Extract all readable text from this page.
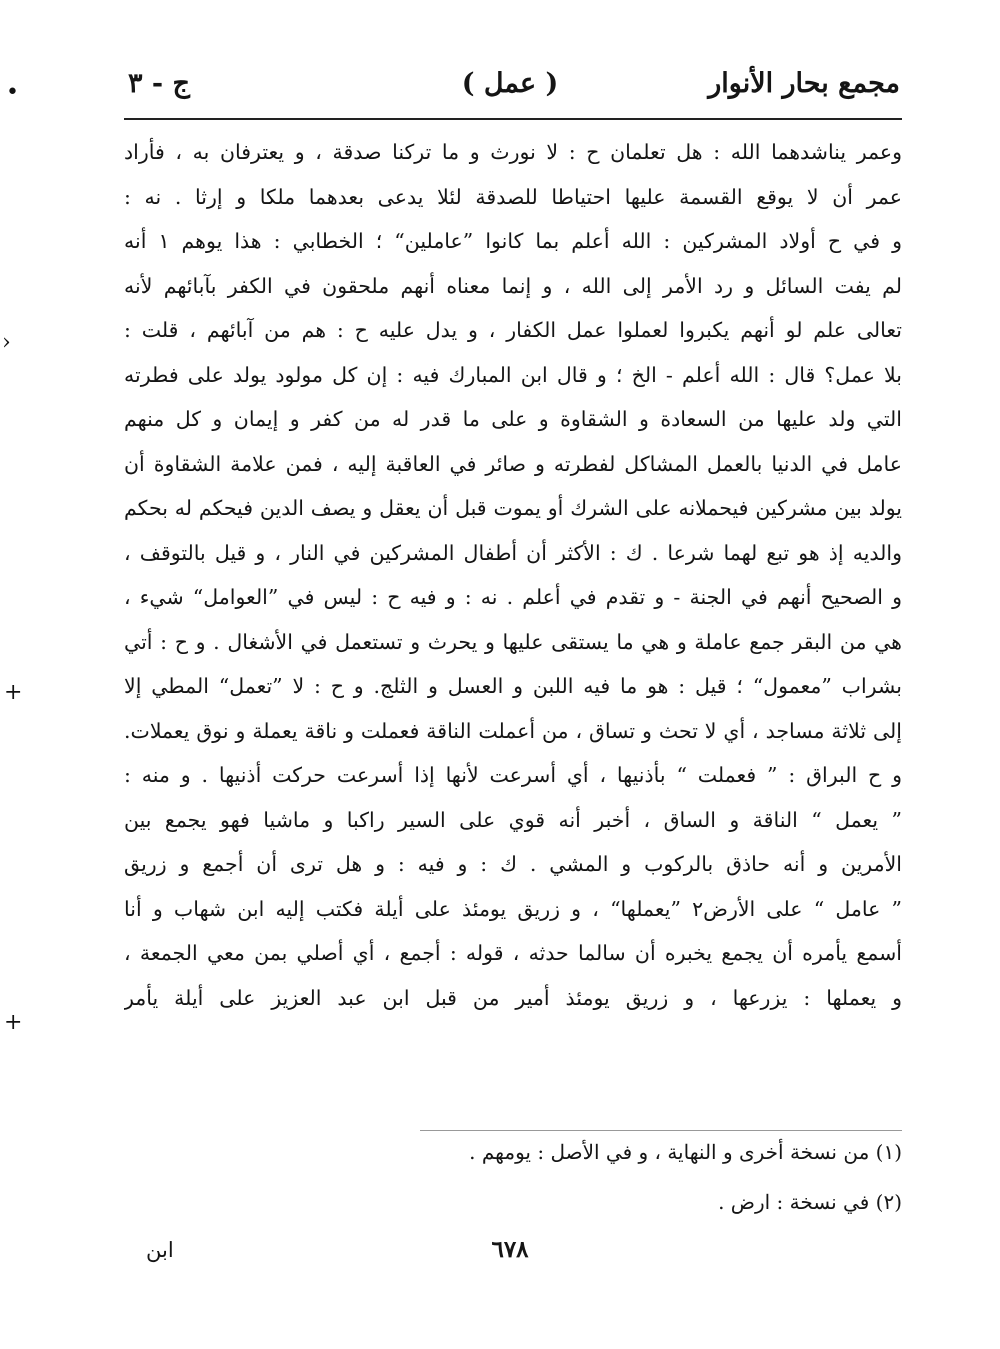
مجمع بحار الأنوار
( عمل )
ج - ٣
وعمر يناشدهما الله : هل تعلمان ح : لا نورث و ما تركنا صدقة ، و يعترفان به ، فأراد
عمر أن لا يوقع القسمة عليها احتياطا للصدقة لئلا يدعى بعدهما ملكا و إرثا . نه :
و في ح أولاد المشركين : الله أعلم بما كانوا ”عاملين“ ؛ الخطابي : هذا يوهم ١ أنه
لم يفت السائل و رد الأمر إلى الله ، و إنما معناه أنهم ملحقون في الكفر بآبائهم لأنه
تعالى علم لو أنهم يكبروا لعملوا عمل الكفار ، و يدل عليه ح : هم من آبائهم ، قلت :
بلا عمل؟ قال : الله أعلم - الخ ؛ و قال ابن المبارك فيه : إن كل مولود يولد على فطرته
التي ولد عليها من السعادة و الشقاوة و على ما قدر له من كفر و إيمان و كل منهم
عامل في الدنيا بالعمل المشاكل لفطرته و صائر في العاقبة إليه ، فمن علامة الشقاوة أن
يولد بين مشركين فيحملانه على الشرك أو يموت قبل أن يعقل و يصف الدين فيحكم له بحكم
والديه إذ هو تبع لهما شرعا . ك : الأكثر أن أطفال المشركين في النار ، و قيل بالتوقف ،
و الصحيح أنهم في الجنة - و تقدم في أعلم . نه : و فيه ح : ليس في ”العوامل“ شيء ،
هي من البقر جمع عاملة و هي ما يستقى عليها و يحرث و تستعمل في الأشغال . و ح : أتي
بشراب ”معمول“ ؛ قيل : هو ما فيه اللبن و العسل و الثلج. و ح : لا ”تعمل“ المطي إلا
إلى ثلاثة مساجد ، أي لا تحث و تساق ، من أعملت الناقة فعملت و ناقة يعملة و نوق يعملات.
و ح البراق : ” فعملت “ بأذنيها ، أي أسرعت لأنها إذا أسرعت حركت أذنيها . و منه :
” يعمل “ الناقة و الساق ، أخبر أنه قوي على السير راكبا و ماشيا فهو يجمع بين
الأمرين و أنه حاذق بالركوب و المشي . ك : و فيه : و هل ترى أن أجمع و زريق
” عامل “ على الأرض٢ ”يعملها“ ، و زريق يومئذ على أيلة فكتب إليه ابن شهاب و أنا
أسمع يأمره أن يجمع يخبره أن سالما حدثه ، قوله : أجمع ، أي أصلي بمن معي الجمعة ،
و يعملها : يزرعها ، و زريق يومئذ أمير من قبل ابن عبد العزيز على أيلة يأمر
(١) من نسخة أخرى و النهاية ، و في الأصل : يومهم .
(٢) في نسخة : ارض .
ابن	٦٧٨
•
›
+
+
